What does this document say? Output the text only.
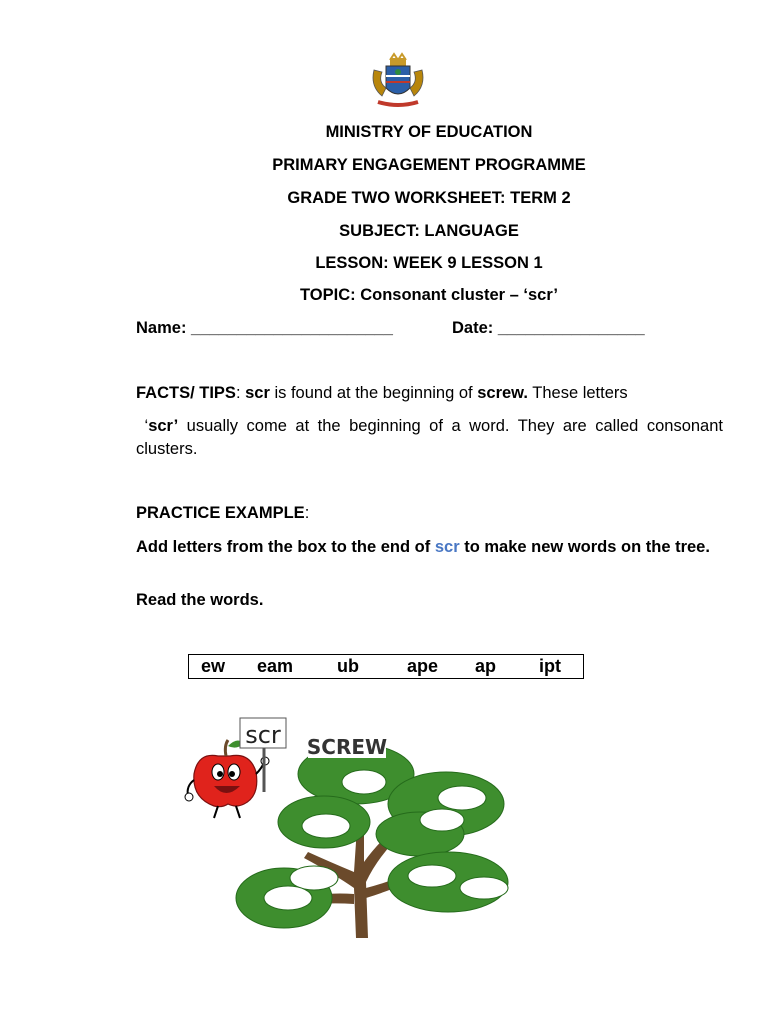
MINISTRY OF EDUCATION
PRIMARY ENGAGEMENT PROGRAMME
GRADE TWO WORKSHEET: TERM 2
SUBJECT: LANGUAGE
LESSON: WEEK 9 LESSON 1
TOPIC: Consonant cluster – ‘scr’
Name: ______________________	Date: ________________
FACTS/ TIPS: scr is found at the beginning of screw. These letters
‘scr’ usually come at the beginning of a word. They are called consonant clusters.
PRACTICE EXAMPLE:
Add letters from the box to the end of scr to make new words on the tree.
Read the words.
ew eam ub	ape ap ipt
scr SCREW
